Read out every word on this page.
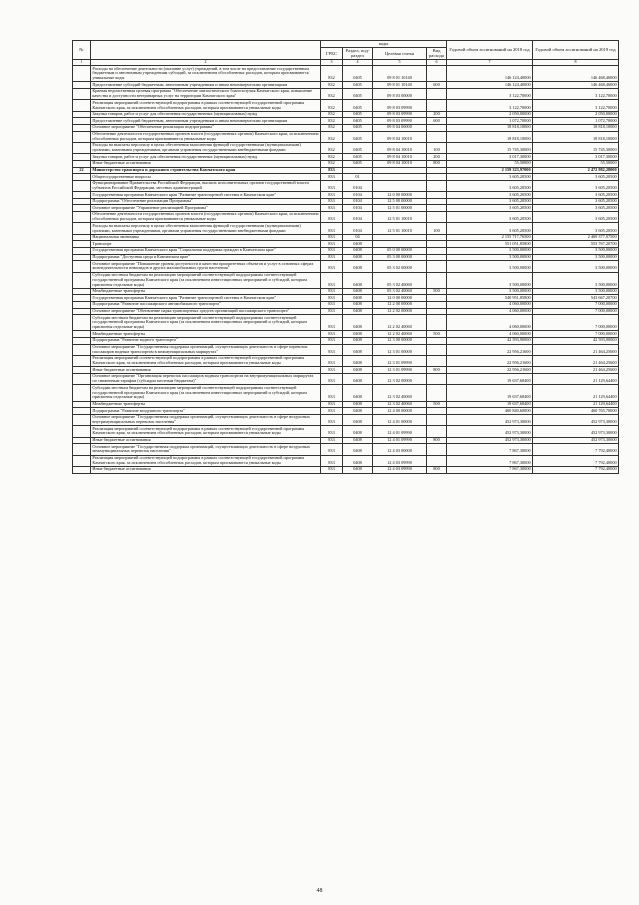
№		коды				Годовой объем ассигнований на 2018 год	Годовой объем ассигнований на 2019 год
		ГРБС	Раздел, под-раздел	Целевая статья	Вид расхода		
1	2	3	4	5	6	7	8
	Расходы на обеспечение деятельности (оказание услуг) учреждений, в том числе на предоставление государственным бюджетным и автономным учреждениям субсидий, за исключением обособленных расходов, которым присваиваются уникальные коды	832	0405	09 8 01 10140		146 124,40000	146 468,46000
	Предоставление субсидий бюджетным, автономным учреждениям и иным некоммерческим организациям	832	0405	09 8 01 10140	600	146 124,40000	146 468,46000
	Краевая ведомственная целевая программа "Обеспечение эпизоотического благополучия Камчатского края, повышение качества и доступности ветеринарных услуг на территории Камчатского края"	832	0405	09 8 03 00000		3 122,70000	3 122,70000
	Реализация мероприятий соответствующей подпрограммы в рамках соответствующей государственной программы Камчатского края, за исключением обособленных расходов, которым присваиваются уникальные коды	832	0405	09 8 03 09990		3 122,70000	3 122,70000
	Закупка товаров, работ и услуг для обеспечения государственных (муниципальных) нужд	832	0405	09 8 03 09990	200	2 050,00000	2 050,00000
	Предоставление субсидий бюджетным, автономным учреждениям и иным некоммерческим организациям	832	0405	09 8 03 09990	600	1 072,70000	1 072,70000
	Основное мероприятие "Обеспечение реализации подпрограммы"	832	0405	09 8 04 00000		18 818,10000	18 818,10000
	Обеспечение деятельности государственных органов власти (государственных органов) Камчатского края, за исключением обособленных расходов, которым присваиваются уникальные коды	832	0405	09 8 04 10010		18 818,10000	18 818,10000
	Расходы на выплаты персоналу в целях обеспечения выполнения функций государственными (муниципальными) органами, казенными учреждениями, органами управления государственными внебюджетными фондами	832	0405	09 8 04 10010	100	15 745,30000	15 745,30000
	Закупка товаров, работ и услуг для обеспечения государственных (муниципальных) нужд	832	0405	09 8 04 10010	200	3 017,30000	3 017,30000
	Иные бюджетные ассигнования	832	0405	09 8 04 10010	800	55,50000	55,50000
22	Министерство транспорта и дорожного строительства Камчатского края	833				2 159 323,97000	2 472 982,28000
	Общегосударственные вопросы	833	01			3 605,20500	3 605,20500
	Функционирование Правительства Российской Федерации, высших исполнительных органов государственной власти субъектов Российской Федерации, местных администраций	833	0104			3 605,20500	3 605,20500
	Государственная программа Камчатского края "Развитие транспортной системы в Камчатском крае"	833	0104	12 0 00 00000		3 605,20500	3 605,20500
	Подпрограмма "Обеспечение реализации Программы"	833	0104	12 5 00 00000		3 605,20500	3 605,20500
	Основное мероприятие "Управление реализацией Программы"	833	0104	12 5 01 00000		3 605,20500	3 605,20500
	Обеспечение деятельности государственных органов власти (государственных органов) Камчатского края, за исключением обособленных расходов, которым присваиваются уникальные коды	833	0104	12 5 01 10010		3 605,20500	3 605,20500
	Расходы на выплаты персоналу в целях обеспечения выполнения функций государственными (муниципальными) органами, казенными учреждениями, органами управления государственными внебюджетными фондами	833	0104	12 5 01 10010	100	3 605,20500	3 605,20500
	Национальная экономика	833	04			2 155 717,76500	2 469 377,07500
	Транспорт	833	0408			551 051,85800	553 767,20700
	Государственная программа Камчатского края "Социальная поддержка граждан в Камчатском крае"	833	0408	05 0 00 00000		3 500,00000	3 500,00000
	Подпрограмма "Доступная среда в Камчатском крае"	833	0408	05 3 00 00000		3 500,00000	3 500,00000
	Основное мероприятие "Повышение уровня доступности и качества приоритетных объектов и услуг в основных сферах жизнедеятельности инвалидов и других маломобильных групп населения"	833	0408	05 3 02 00000		3 500,00000	3 500,00000
	Субсидии местным бюджетам на реализацию мероприятий соответствующей подпрограммы соответствующей государственной программы Камчатского края (за исключением инвестиционных мероприятий и субсидий, которым присвоены отдельные коды)	833	0408	05 3 02 40060		3 500,00000	3 500,00000
	Межбюджетные трансферты	833	0408	05 3 02 40060	500	3 500,00000	3 500,00000
	Государственная программа Камчатского края "Развитие транспортной системы в Камчатском крае"	833	0408	12 0 00 00000		540 951,85800	543 667,20700
	Подпрограмма "Развитие пассажирского автомобильного транспорта"	833	0408	12 2 00 00000		4 060,00000	7 000,00000
	Основное мероприятие "Обновление парка транспортных средств организаций пассажирского транспорта"	833	0408	12 2 02 00000		4 060,00000	7 000,00000
	Субсидии местным бюджетам на реализацию мероприятий соответствующей подпрограммы соответствующей государственной программы Камчатского края (за исключением инвестиционных мероприятий и субсидий, которым присвоены отдельные коды)	833	0408	12 2 02 40060		4 060,00000	7 000,00000
	Межбюджетные трансферты	833	0408	12 2 02 40060	500	4 060,00000	7 000,00000
	Подпрограмма "Развитие водного транспорта"	833	0408	12 3 00 00000		42 593,90000	42 593,90000
	Основное мероприятие "Государственная поддержка организаций, осуществляющих деятельность в сфере перевозок пассажиров водным транспортом в межмуниципальных маршрутах"	833	0408	12 3 01 00000		22 956,21600	21 464,25600
	Реализация мероприятий соответствующей подпрограммы в рамках соответствующей государственной программы Камчатского края, за исключением обособленных расходов, которым присваиваются уникальные коды	833	0408	12 3 01 09990		22 956,21600	21 464,25600
	Иные бюджетные ассигнования	833	0408	12 3 01 09990	800	22 956,21600	21 464,25600
	Основное мероприятие "Организация перевозок пассажиров водным транспортом на внутримуниципальных маршрутах по сниженным тарифам (субсидии местным бюджетам)"	833	0408	12 3 02 00000		19 637,68400	21 129,64400
	Субсидии местным бюджетам на реализацию мероприятий соответствующей подпрограммы соответствующей государственной программы Камчатского края (за исключением инвестиционных мероприятий и субсидий, которым присвоены отдельные коды)	833	0408	12 3 02 40060		19 637,68400	21 129,64400
	Межбюджетные трансферты	833	0408	12 3 02 40060	500	19 637,68400	21 129,64400
	Подпрограмма "Развитие воздушного транспорта"	833	0408	12 4 00 00000		460 840,60000	460 765,70000
	Основное мероприятие "Государственная поддержка организаций, осуществляющих деятельность в сфере воздушных внутримуниципальных перевозок населения"	833	0408	12 4 01 00000		452 973,30000	452 973,30000
	Реализация мероприятий соответствующей подпрограммы в рамках соответствующей государственной программы Камчатского края, за исключением обособленных расходов, которым присваиваются уникальные коды	833	0408	12 4 01 09990		452 973,30000	452 973,30000
	Иные бюджетные ассигнования	833	0408	12 4 01 09990	800	452 973,30000	452 973,30000
	Основное мероприятие "Государственная поддержка организаций, осуществляющих деятельность в сфере воздушных межмуниципальных перевозок населения"	833	0408	12 4 03 00000		7 867,30000	7 792,40000
	Реализация мероприятий соответствующей подпрограммы в рамках соответствующей государственной программы Камчатского края, за исключением обособленных расходов, которым присваиваются уникальные коды	833	0408	12 4 03 09990		7 867,30000	7 792,40000
	Иные бюджетные ассигнования	833	0408	12 4 03 09990	800	7 867,30000	7 792,40000
48
